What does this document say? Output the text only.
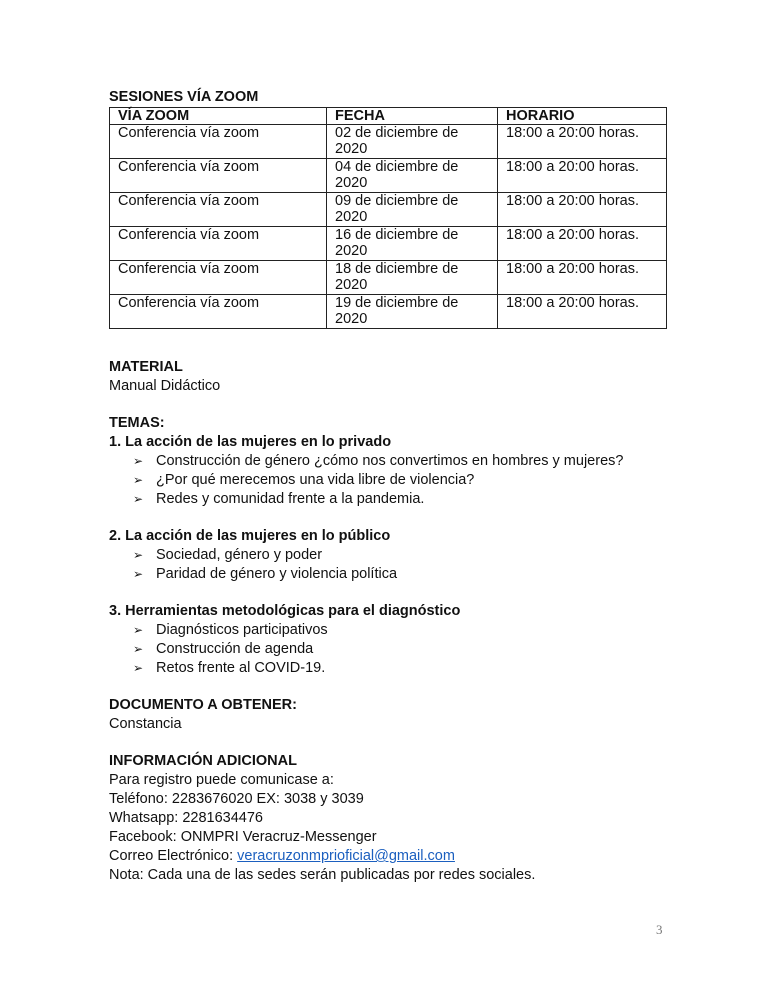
SESIONES VÍA ZOOM
VÍA ZOOM	FECHA	HORARIO
Conferencia vía zoom	02 de diciembre de 2020	18:00 a 20:00 horas.
Conferencia vía zoom	04 de diciembre de 2020	18:00 a 20:00 horas.
Conferencia vía zoom	09 de diciembre de 2020	18:00 a 20:00 horas.
Conferencia vía zoom	16 de diciembre de 2020	18:00 a 20:00 horas.
Conferencia vía zoom	18 de diciembre de 2020	18:00 a 20:00 horas.
Conferencia vía zoom	19 de diciembre de 2020	18:00 a 20:00 horas.
MATERIAL
Manual Didáctico
TEMAS:
1. La acción de las mujeres en lo privado
➢ Construcción de género ¿cómo nos convertimos en hombres y mujeres?
➢ ¿Por qué merecemos una vida libre de violencia?
➢ Redes y comunidad frente a la pandemia.
2. La acción de las mujeres en lo público
➢ Sociedad, género y poder
➢ Paridad de género y violencia política
3. Herramientas metodológicas para el diagnóstico
➢ Diagnósticos participativos
➢ Construcción de agenda
➢ Retos frente al COVID-19.
DOCUMENTO A OBTENER:
Constancia
INFORMACIÓN ADICIONAL
Para registro puede comunicase a:
Teléfono: 2283676020 EX: 3038 y 3039
Whatsapp: 2281634476
Facebook: ONMPRI Veracruz-Messenger
Correo Electrónico: veracruzonmprioficial@gmail.com
Nota: Cada una de las sedes serán publicadas por redes sociales.
3
